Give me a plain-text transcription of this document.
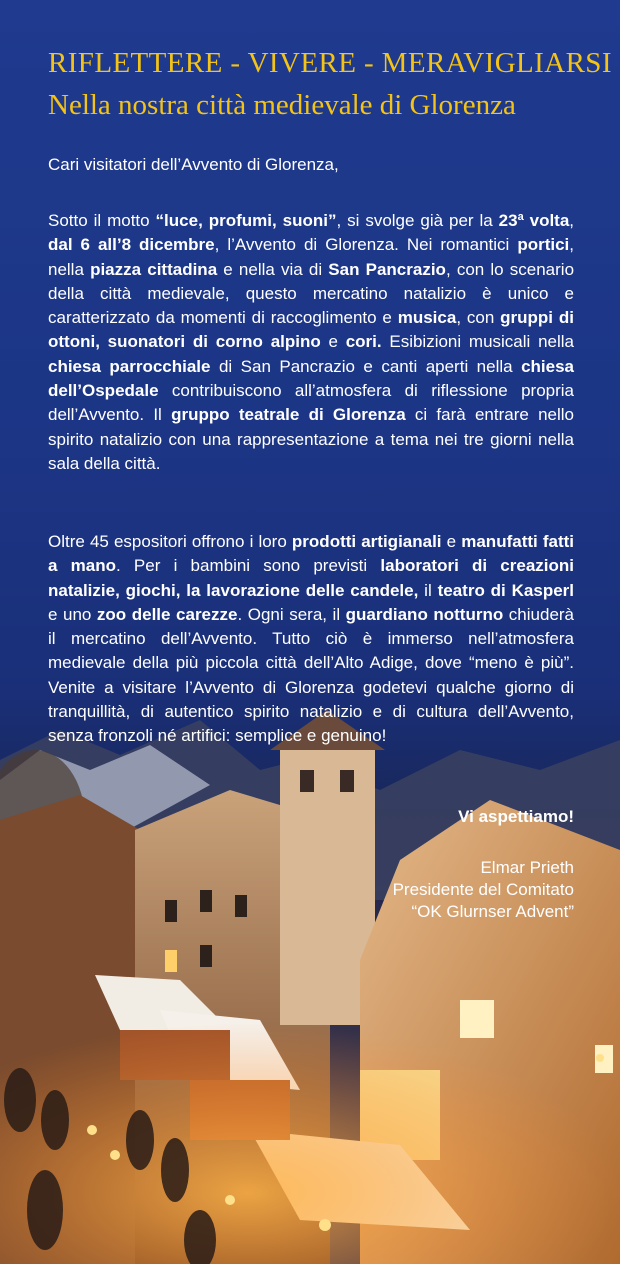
RIFLETTERE - VIVERE - MERAVIGLIARSI
Nella nostra città medievale di Glorenza
Cari visitatori dell’Avvento di Glorenza,

Sotto il motto “luce, profumi, suoni”, si svolge già per la 23$^a$ volta, dal 6 all’8 dicembre, l’Avvento di Glorenza. Nei romantici portici, nella piazza cittadina e nella via di San Pancrazio, con lo scenario della città medievale, questo mercatino natalizio è unico e caratterizzato da momenti di raccoglimento e musica, con gruppi di ottoni, suonatori di corno alpino e cori. Esibizioni musicali nella chiesa parrocchiale di San Pancrazio e canti aperti nella chiesa dell’Ospedale contribuiscono all’atmosfera di riflessione propria dell’Avvento. Il gruppo teatrale di Glorenza ci farà entrare nello spirito natalizio con una rappresentazione a tema nei tre giorni nella sala della città.

Oltre 45 espositori offrono i loro prodotti artigianali e manufatti fatti a mano. Per i bambini sono previsti laboratori di creazioni natalizie, giochi, la lavorazione delle candele, il teatro di Kasperl e uno zoo delle carezze. Ogni sera, il guardiano notturno chiuderà il mercatino dell’Avvento. Tutto ciò è immerso nell’atmosfera medievale della più piccola città dell’Alto Adige, dove “meno è più”. Venite a visitare l’Avvento di Glorenza godetevi qualche giorno di tranquillità, di autentico spirito natalizio e di cultura dell’Avvento, senza fronzoli né artifici: semplice e genuino!

Vi aspettiamo!
Elmar Prieth
Presidente del Comitato
“OK Glurnser Advent”
